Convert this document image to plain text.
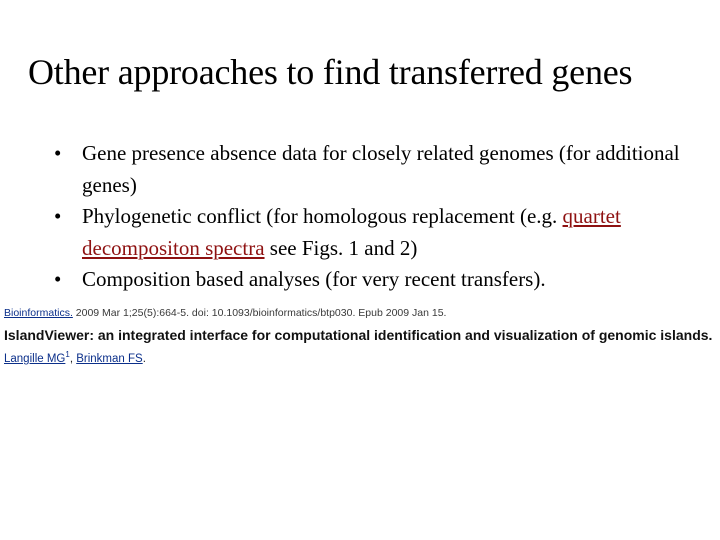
Other approaches to find transferred genes
• Gene presence absence data for closely related genomes (for additional genes)
• Phylogenetic conflict (for homologous replacement (e.g. quartet decompositon spectra see Figs. 1 and 2)
• Composition based analyses (for very recent transfers).
Bioinformatics. 2009 Mar 1;25(5):664-5. doi: 10.1093/bioinformatics/btp030. Epub 2009 Jan 15.
IslandViewer: an integrated interface for computational identification and visualization of genomic islands.
Langille $MG^1$, Brinkman FS.
